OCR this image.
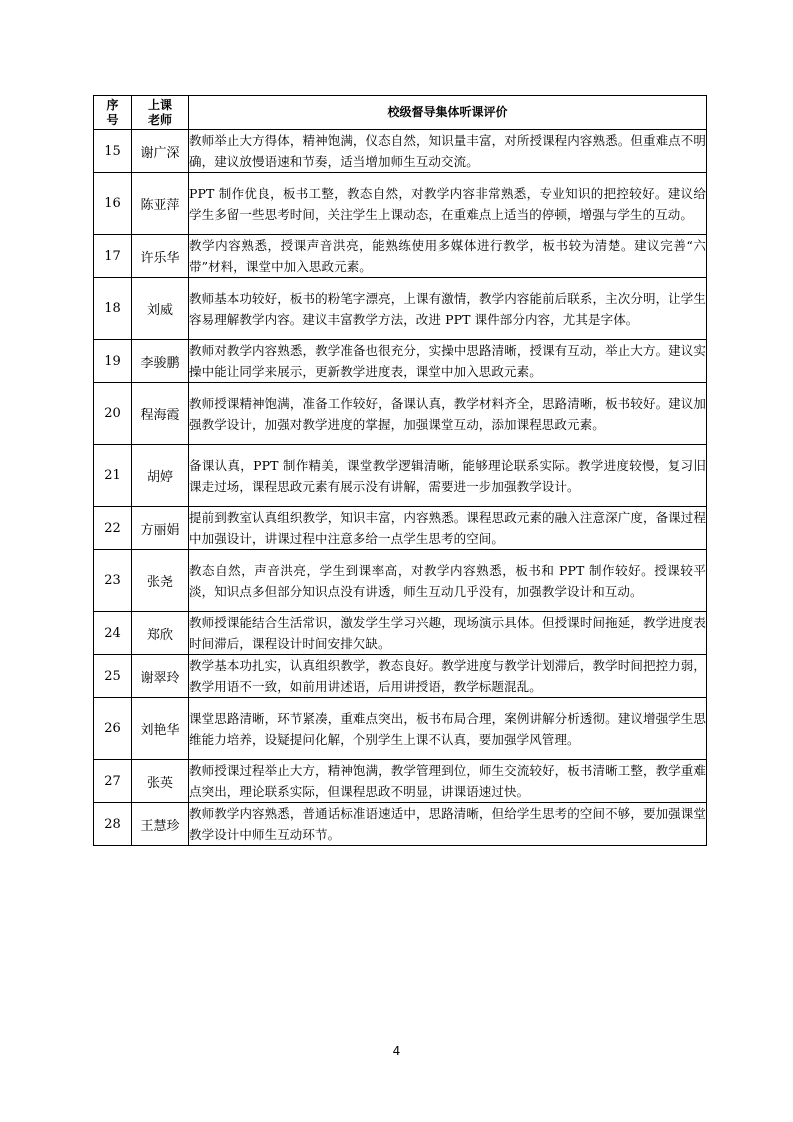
序号	上课老师	校级督导集体听课评价
15	谢广深	教师举止大方得体，精神饱满，仪态自然，知识量丰富，对所授课程内容熟悉。但重难点不明确，建议放慢语速和节奏，适当增加师生互动交流。
16	陈亚萍	PPT 制作优良，板书工整，教态自然，对教学内容非常熟悉，专业知识的把控较好。建议给学生多留一些思考时间，关注学生上课动态，在重难点上适当的停顿，增强与学生的互动。
17	许乐华	教学内容熟悉，授课声音洪亮，能熟练使用多媒体进行教学，板书较为清楚。建议完善“六带”材料，课堂中加入思政元素。
18	刘威	教师基本功较好，板书的粉笔字漂亮，上课有激情，教学内容能前后联系，主次分明，让学生容易理解教学内容。建议丰富教学方法，改进 PPT 课件部分内容，尤其是字体。
19	李骏鹏	教师对教学内容熟悉，教学准备也很充分，实操中思路清晰，授课有互动，举止大方。建议实操中能让同学来展示，更新教学进度表，课堂中加入思政元素。
20	程海霞	教师授课精神饱满，准备工作较好，备课认真，教学材料齐全，思路清晰，板书较好。建议加强教学设计，加强对教学进度的掌握，加强课堂互动，添加课程思政元素。
21	胡婷	备课认真，PPT 制作精美，课堂教学逻辑清晰，能够理论联系实际。教学进度较慢，复习旧课走过场，课程思政元素有展示没有讲解，需要进一步加强教学设计。
22	方丽娟	提前到教室认真组织教学，知识丰富，内容熟悉。课程思政元素的融入注意深广度，备课过程中加强设计，讲课过程中注意多给一点学生思考的空间。
23	张尧	教态自然，声音洪亮，学生到课率高，对教学内容熟悉，板书和 PPT 制作较好。授课较平淡，知识点多但部分知识点没有讲透，师生互动几乎没有，加强教学设计和互动。
24	郑欣	教师授课能结合生活常识，激发学生学习兴趣，现场演示具体。但授课时间拖延，教学进度表时间滞后，课程设计时间安排欠缺。
25	谢翠玲	教学基本功扎实，认真组织教学，教态良好。教学进度与教学计划滞后，教学时间把控力弱，教学用语不一致，如前用讲述语，后用讲授语，教学标题混乱。
26	刘艳华	课堂思路清晰，环节紧凑，重难点突出，板书布局合理，案例讲解分析透彻。建议增强学生思维能力培养，设疑提问化解，个别学生上课不认真，要加强学风管理。
27	张英	教师授课过程举止大方，精神饱满，教学管理到位，师生交流较好，板书清晰工整，教学重难点突出，理论联系实际，但课程思政不明显，讲课语速过快。
28	王慧珍	教师教学内容熟悉，普通话标准语速适中，思路清晰，但给学生思考的空间不够，要加强课堂教学设计中师生互动环节。
4
